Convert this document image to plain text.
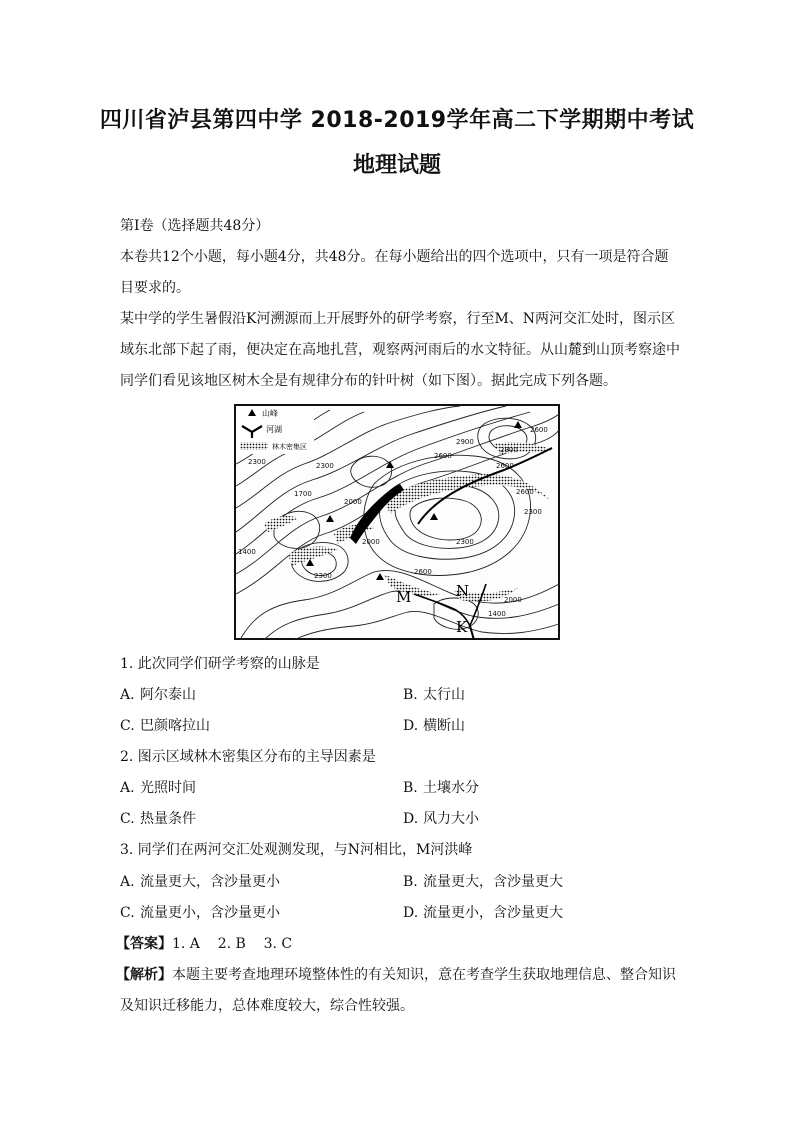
四川省泸县第四中学 2018-2019学年高二下学期期中考试
地理试题
第Ⅰ卷（选择题共48分）
本卷共12个小题，每小题4分，共48分。在每小题给出的四个选项中，只有一项是符合题
目要求的。
某中学的学生暑假沿K河溯源而上开展野外的研学考察，行至M、N两河交汇处时，图示区
域东北部下起了雨，便决定在高地扎营，观察两河雨后的水文特征。从山麓到山顶考察途中
同学们看见该地区树木全是有规律分布的针叶树（如下图）。据此完成下列各题。
山峰
河湖
林木密集区
2300
1700
1400
2000
2300
2300
2600
2900
2600
2900
2600
2300
2600
2000
2600
1400
2000
2300
M	N
K
1. 此次同学们研学考察的山脉是
A. 阿尔泰山	B. 太行山
C. 巴颜喀拉山	D. 横断山
2. 图示区域林木密集区分布的主导因素是
A. 光照时间	B. 土壤水分
C. 热量条件	D. 风力大小
3. 同学们在两河交汇处观测发现，与N河相比，M河洪峰
A. 流量更大，含沙量更小	B. 流量更大，含沙量更大
C. 流量更小，含沙量更小	D. 流量更小，含沙量更大
【答案】1. A    2. B    3. C
【解析】本题主要考查地理环境整体性的有关知识，意在考查学生获取地理信息、整合知识
及知识迁移能力，总体难度较大，综合性较强。
